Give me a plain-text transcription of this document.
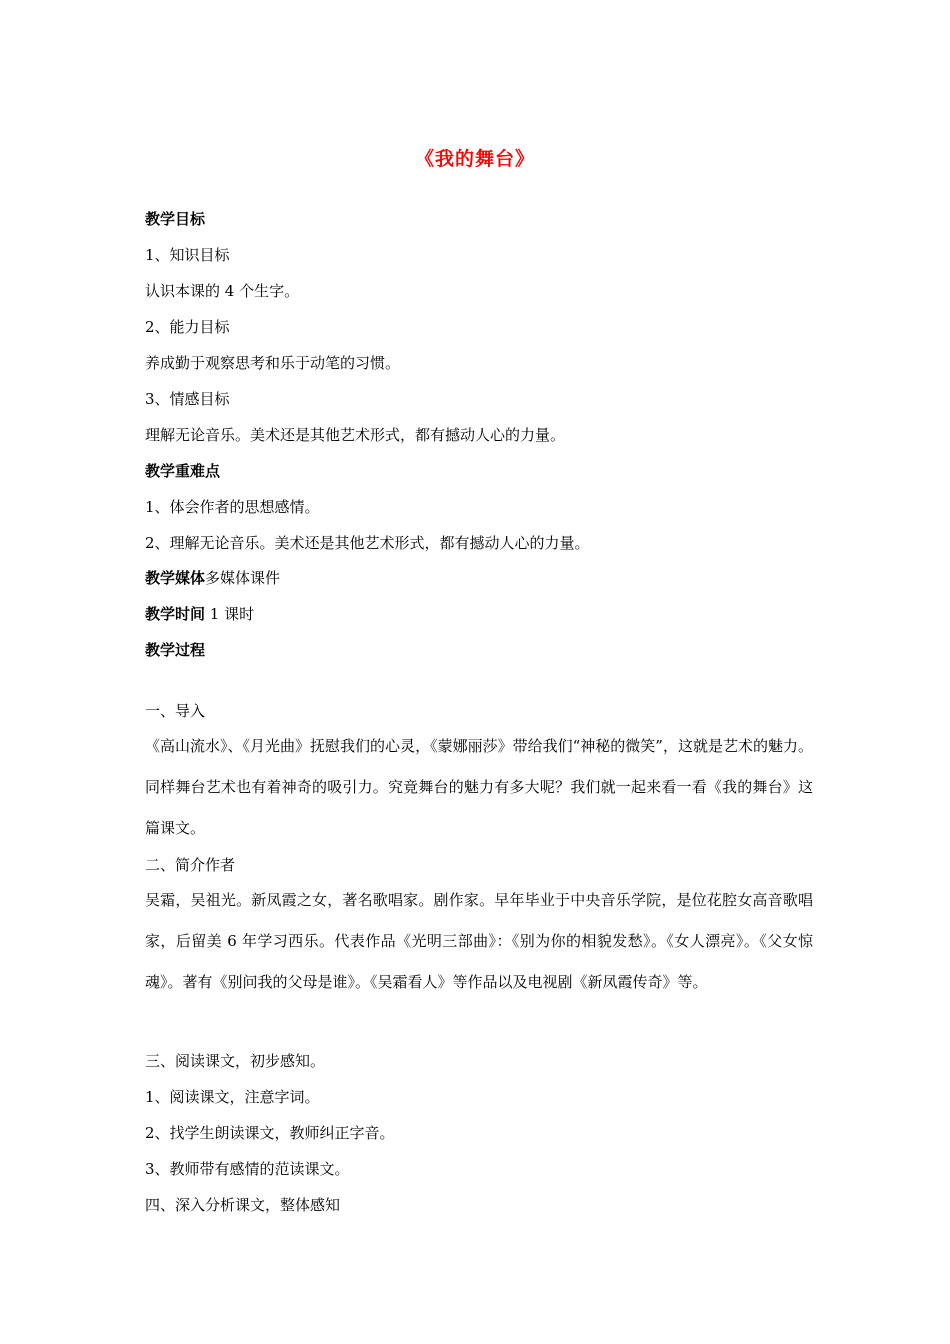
《我的舞台》
教学目标
1、知识目标
认识本课的 4 个生字。
2、能力目标
养成勤于观察思考和乐于动笔的习惯。
3、情感目标
理解无论音乐。美术还是其他艺术形式，都有撼动人心的力量。
教学重难点
1、体会作者的思想感情。
2、理解无论音乐。美术还是其他艺术形式，都有撼动人心的力量。
教学媒体多媒体课件
教学时间 1 课时
教学过程
一、导入
《高山流水》、《月光曲》抚慰我们的心灵，《蒙娜丽莎》带给我们“神秘的微笑”，这就是艺术的魅力。同样舞台艺术也有着神奇的吸引力。究竟舞台的魅力有多大呢？我们就一起来看一看《我的舞台》这篇课文。
二、简介作者
吴霜，吴祖光。新凤霞之女，著名歌唱家。剧作家。早年毕业于中央音乐学院，是位花腔女高音歌唱家，后留美 6 年学习西乐。代表作品《光明三部曲》：《别为你的相貌发愁》。《女人漂亮》。《父女惊魂》。著有《别问我的父母是谁》。《吴霜看人》等作品以及电视剧《新凤霞传奇》等。
三、阅读课文，初步感知。
1、阅读课文，注意字词。
2、找学生朗读课文，教师纠正字音。
3、教师带有感情的范读课文。
四、深入分析课文，整体感知
